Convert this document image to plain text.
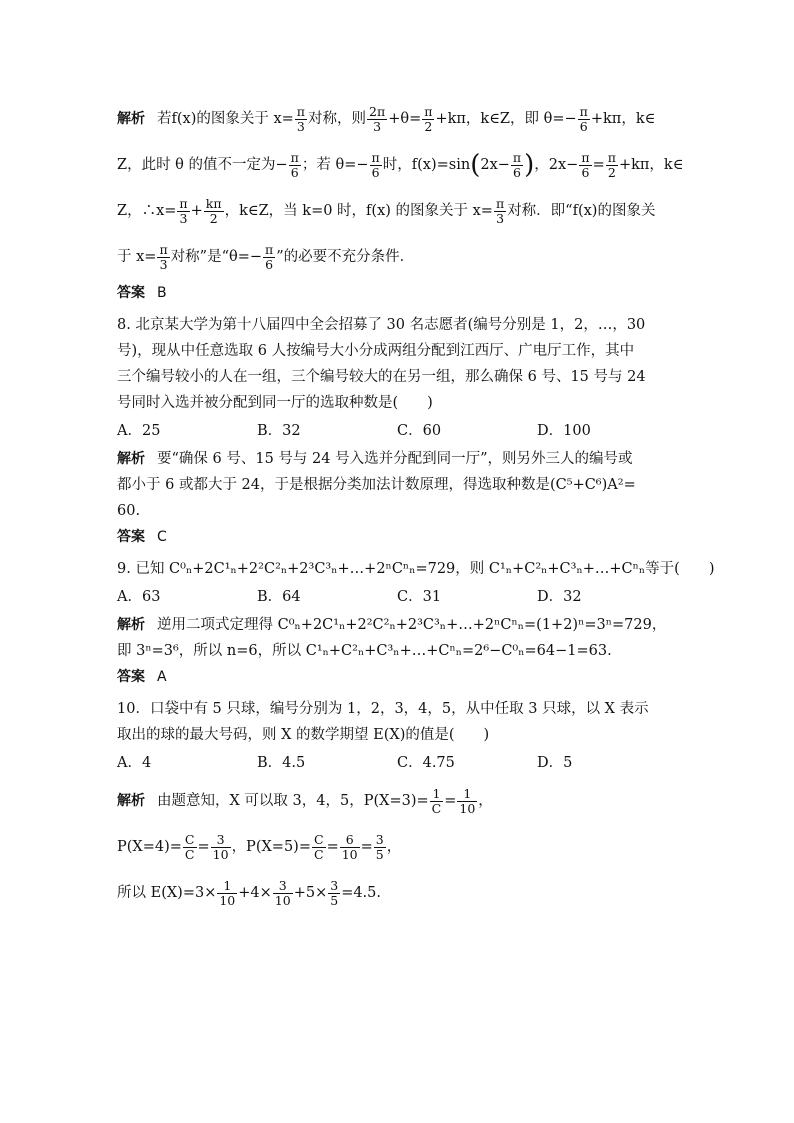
解析 若f(x)的图象关于 $x= \frac{\pi}{3}$ 对称，则 $\frac{2\pi}{3} +\theta= \frac{\pi}{2} +k\pi$，k∈Z，即 $\theta=- \frac{\pi}{6} +k\pi$，k∈
Z，此时 θ 的值不一定为− $\frac{\pi}{6}$ ；若 $\theta=- \frac{\pi}{6}$ 时，$f(x)=\sin(2x- \frac{\pi}{6}$ )，$2x- \frac{\pi}{6} = \frac{\pi}{2} +k\pi$，k∈
Z，∴x= $\frac{\pi}{3} + \frac{k\pi}{2}$ ，k∈Z，当 k=0 时，f(x) 的图象关于 $x= \frac{\pi}{3}$ 对称．即“f(x)的图象关
于 $x= \frac{\pi}{3}$ 对称”是“$\theta=- \frac{\pi}{6}$ ”的必要不充分条件．
答案 B
8. 北京某大学为第十八届四中全会招募了 30 名志愿者(编号分别是 1，2，…，30
号)，现从中任意选取 6 人按编号大小分成两组分配到江西厅、广电厅工作，其中
三个编号较小的人在一组，三个编号较大的在另一组，那么确保 6 号、15 号与 24
号同时入选并被分配到同一厅的选取种数是(　　)
A．25	B．32	C．60	D．100
解析 要“确保 6 号、15 号与 24 号入选并分配到同一厅”，则另外三人的编号或
都小于 6 或都大于 24，于是根据分类加法计数原理，得选取种数是(C⁵+C⁶)A²=
60.
答案 C
9. 已知 C⁰ₙ+2C¹ₙ+2²C²ₙ+2³C³ₙ+…+2ⁿCⁿₙ=729，则 C¹ₙ+C²ₙ+C³ₙ+…+Cⁿₙ等于(　　)
A．63	B．64	C．31	D．32
解析 逆用二项式定理得 C⁰ₙ+2C¹ₙ+2²C²ₙ+2³C³ₙ+…+2ⁿCⁿₙ=(1+2)ⁿ=3ⁿ=729，
即 3ⁿ=3⁶，所以 n=6，所以 C¹ₙ+C²ₙ+C³ₙ+…+Cⁿₙ=2⁶−C⁰ₙ=64−1=63.
答案 A
10．口袋中有 5 只球，编号分别为 1，2，3，4，5，从中任取 3 只球，以 X 表示
取出的球的最大号码，则 X 的数学期望 E(X)的值是(　　)
A．4	B．4.5	C．4.75	D．5
解析 由题意知，X 可以取 3，4，5，$P(X=3)= \frac{1}{C} = \frac{1}{10}$ ，
$P(X=4)= \frac{C}{C} = \frac{3}{10}$ ，$P(X=5)= \frac{C}{C} = \frac{6}{10} = \frac{3}{5}$ ，
所以 $E(X)=3\times \frac{1}{10} +4\times \frac{3}{10} +5\times \frac{3}{5} =4.5$.
